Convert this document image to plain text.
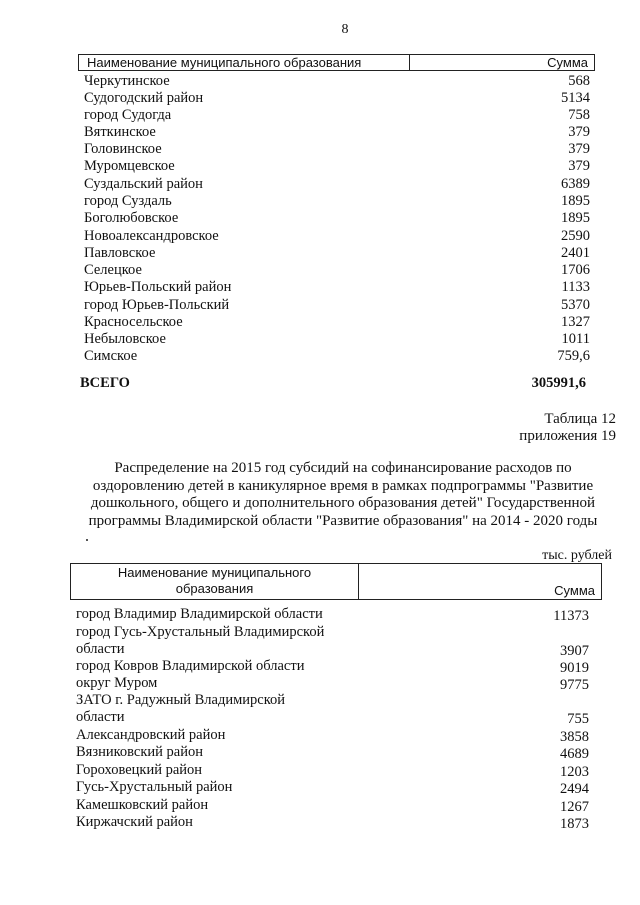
8
Наименование муниципального образования	Сумма
Черкутинское	568
Судогодский район	5134
город Судогда	758
Вяткинское	379
Головинское	379
Муромцевское	379
Суздальский район	6389
город Суздаль	1895
Боголюбовское	1895
Новоалександровское	2590
Павловское	2401
Селецкое	1706
Юрьев-Польский район	1133
город Юрьев-Польский	5370
Красносельское	1327
Небыловское	1011
Симское	759,6
ВСЕГО	305991,6
Таблица 12
приложения 19
Распределение на 2015 год субсидий на софинансирование расходов по
оздоровлению детей в каникулярное время в рамках подпрограммы "Развитие
дошкольного, общего и дополнительного образования детей" Государственной
программы Владимирской области "Развитие образования" на 2014 - 2020 годы
тыс. рублей
Наименование муниципального
образования	Сумма
город Владимир Владимирской области	11373
город Гусь-Хрустальный Владимирской
области	3907
город Ковров Владимирской области	9019
округ Муром	9775
ЗАТО г. Радужный Владимирской
области	755
Александровский район	3858
Вязниковский район	4689
Гороховецкий район	1203
Гусь-Хрустальный район	2494
Камешковский район	1267
Киржачский район	1873
